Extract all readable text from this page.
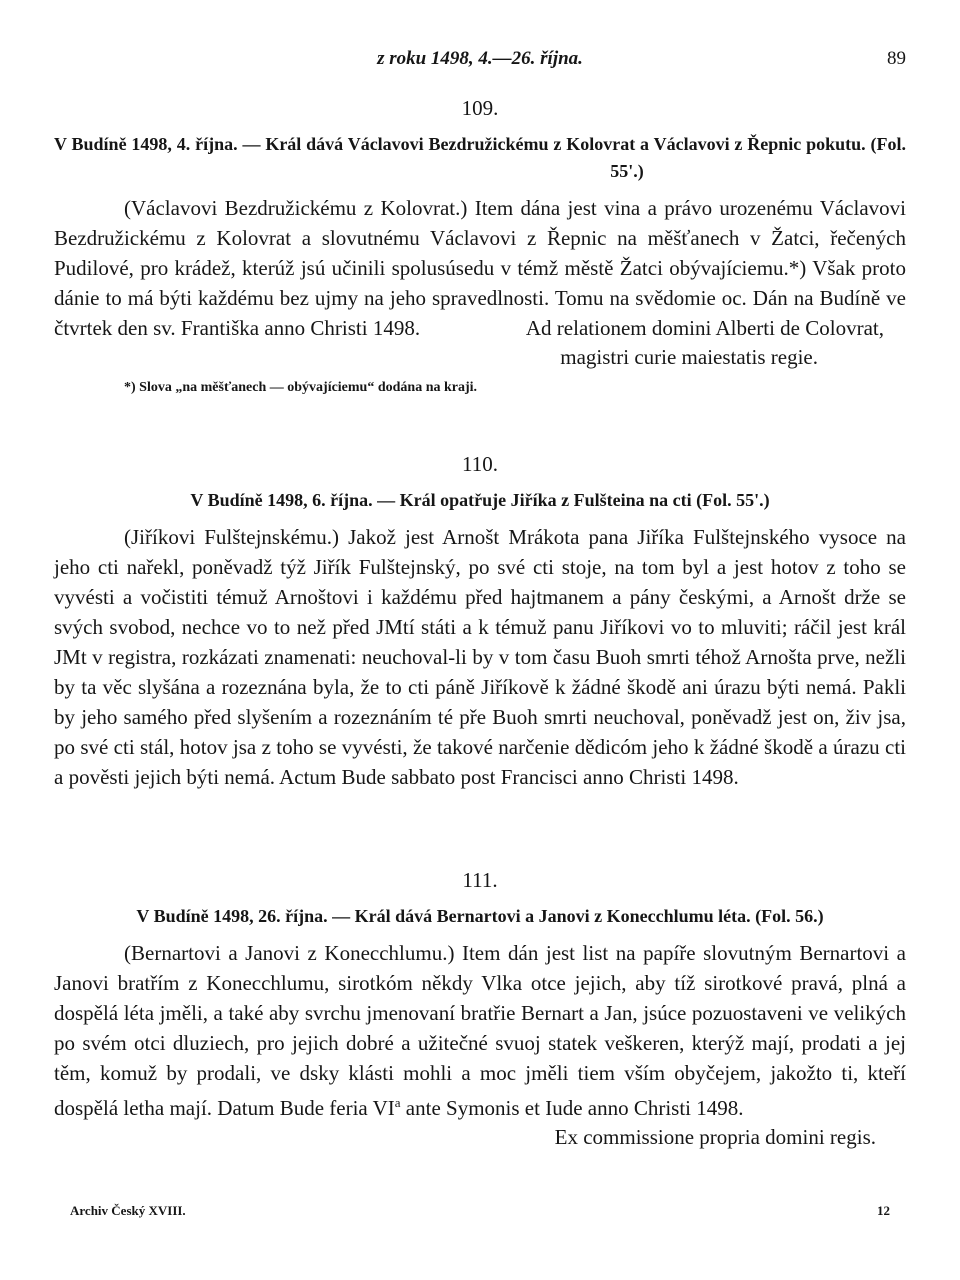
z roku 1498, 4.—26. října.	89
109.
V Budíně 1498, 4. října. — Král dává Václavovi Bezdružickému z Kolovrat a Václavovi z Řepnic pokutu. (Fol. 55'.)
(Václavovi Bezdružickému z Kolovrat.) Item dána jest vina a právo urozenému Václavovi Bezdružickému z Kolovrat a slovutnému Václavovi z Řepnic na měšťanech v Žatci, řečených Pudilové, pro krádež, kterúž jsú učinili spolusúsedu v témž městě Žatci obývajíciemu.*) Však proto dánie to má býti každému bez ujmy na jeho spravedlnosti. Tomu na svědomie oc. Dán na Budíně ve čtvrtek den sv. Františka anno Christi 1498.	Ad relationem domini Alberti de Colovrat,
magistri curie maiestatis regie.
*) Slova „na měšťanech — obývajíciemu“ dodána na kraji.
110.
V Budíně 1498, 6. října. — Král opatřuje Jiříka z Fulšteina na cti (Fol. 55'.)
(Jiříkovi Fulštejnskému.) Jakož jest Arnošt Mrákota pana Jiříka Fulštejnského vysoce na jeho cti nařekl, poněvadž týž Jiřík Fulštejnský, po své cti stoje, na tom byl a jest hotov z toho se vyvésti a vočistiti témuž Arnoštovi i každému před hajtmanem a pány českými, a Arnošt drže se svých svobod, nechce vo to než před JMtí státi a k témuž panu Jiříkovi vo to mluviti; ráčil jest král JMt v registra, rozkázati znamenati: neuchoval-li by v tom času Buoh smrti téhož Arnošta prve, nežli by ta věc slyšána a rozeznána byla, že to cti páně Jiříkově k žádné škodě ani úrazu býti nemá. Pakli by jeho samého před slyšením a rozeznáním té pře Buoh smrti neuchoval, poněvadž jest on, živ jsa, po své cti stál, hotov jsa z toho se vyvésti, že takové narčenie dědicóm jeho k žádné škodě a úrazu cti a pověsti jejich býti nemá. Actum Bude sabbato post Francisci anno Christi 1498.
111.
V Budíně 1498, 26. října. — Král dává Bernartovi a Janovi z Konecchlumu léta. (Fol. 56.)
(Bernartovi a Janovi z Konecchlumu.) Item dán jest list na papíře slovutným Bernartovi a Janovi bratřím z Konecchlumu, sirotkóm někdy Vlka otce jejich, aby tíž sirotkové pravá, plná a dospělá léta jměli, a také aby svrchu jmenovaní bratřie Bernart a Jan, jsúce pozuostaveni ve velikých po svém otci dluziech, pro jejich dobré a užitečné svuoj statek veškeren, kterýž mají, prodati a jej těm, komuž by prodali, ve dsky klásti mohli a moc jměli tiem vším obyčejem, jakožto ti, kteří dospělá letha mají. Datum Bude feria $VI^a$ ante Symonis et Iude anno Christi 1498.
Ex commissione propria domini regis.
Archiv Český XVIII.	12
